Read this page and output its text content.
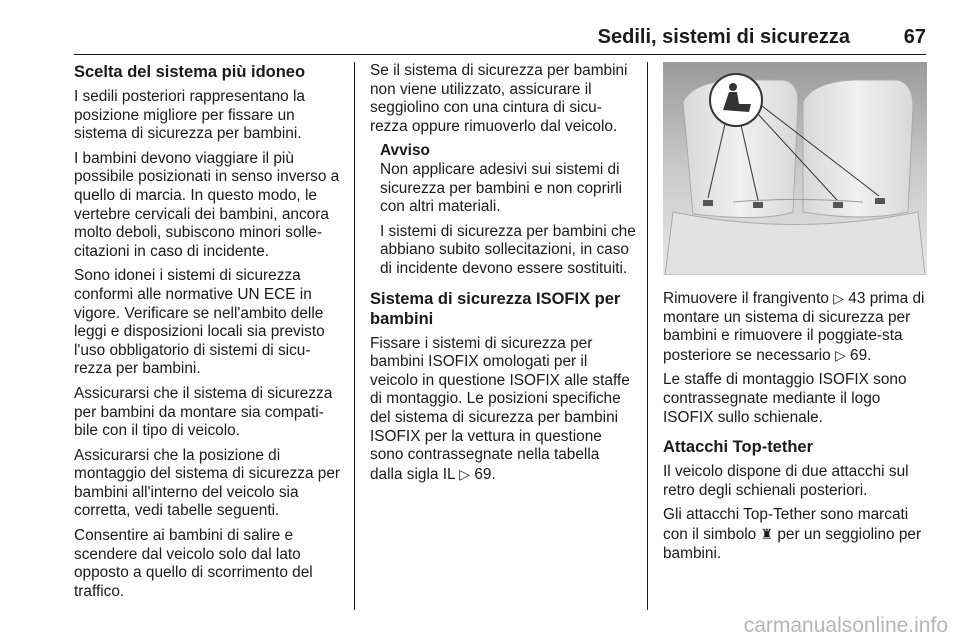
Sedili, sistemi di sicurezza	67
Scelta del sistema più idoneo

I sedili posteriori rappresentano la posizione migliore per fissare un sistema di sicurezza per bambini.

I bambini devono viaggiare il più possibile posizionati in senso inverso a quello di marcia. In questo modo, le vertebre cervicali dei bambini, ancora molto deboli, subiscono minori solle-citazioni in caso di incidente.

Sono idonei i sistemi di sicurezza conformi alle normative UN ECE in vigore. Verificare se nell'ambito delle leggi e disposizioni locali sia previsto l'uso obbligatorio di sistemi di sicu-rezza per bambini.

Assicurarsi che il sistema di sicurezza per bambini da montare sia compati-bile con il tipo di veicolo.

Assicurarsi che la posizione di montaggio del sistema di sicurezza per bambini all'interno del veicolo sia corretta, vedi tabelle seguenti.

Consentire ai bambini di salire e scendere dal veicolo solo dal lato opposto a quello di scorrimento del traffico.

Se il sistema di sicurezza per bambini non viene utilizzato, assicurare il seggiolino con una cintura di sicu-rezza oppure rimuoverlo dal veicolo.

Avviso

Non applicare adesivi sui sistemi di sicurezza per bambini e non coprirli con altri materiali.

I sistemi di sicurezza per bambini che abbiano subito sollecitazioni, in caso di incidente devono essere sostituiti.

Sistema di sicurezza ISOFIX per bambini

Fissare i sistemi di sicurezza per bambini ISOFIX omologati per il veicolo in questione ISOFIX alle staffe di montaggio. Le posizioni specifiche del sistema di sicurezza per bambini ISOFIX per la vettura in questione sono contrassegnate nella tabella dalla sigla IL ▷ 69.

Rimuovere il frangivento ▷ 43 prima di montare un sistema di sicurezza per bambini e rimuovere il poggiate-sta posteriore se necessario ▷ 69.

Le staffe di montaggio ISOFIX sono contrassegnate mediante il logo ISOFIX sullo schienale.

Attacchi Top-tether

Il veicolo dispone di due attacchi sul retro degli schienali posteriori.

Gli attacchi Top-Tether sono marcati con il simbolo ♜ per un seggiolino per bambini.

carmanualsonline.info
